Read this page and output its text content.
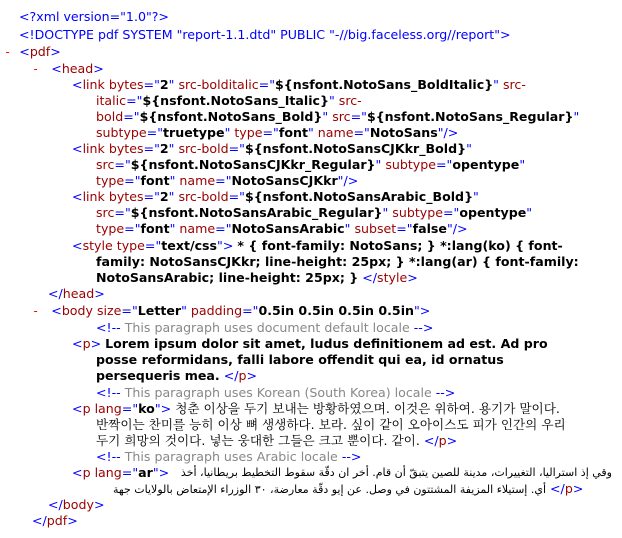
<?xml version="1.0"?>
<!DOCTYPE pdf SYSTEM "report-1.1.dtd" PUBLIC "-//big.faceless.org//report">
-  <pdf>
-   <head>
<link bytes="2" src-bolditalic="${nsfont.NotoSans_BoldItalic}" src-
italic="${nsfont.NotoSans_Italic}" src-
bold="${nsfont.NotoSans_Bold}" src="${nsfont.NotoSans_Regular}"
subtype="truetype" type="font" name="NotoSans"/>
<link bytes="2" src-bold="${nsfont.NotoSansCJKkr_Bold}"
src="${nsfont.NotoSansCJKkr_Regular}" subtype="opentype"
type="font" name="NotoSansCJKkr"/>
<link bytes="2" src-bold="${nsfont.NotoSansArabic_Bold}"
src="${nsfont.NotoSansArabic_Regular}" subtype="opentype"
type="font" name="NotoSansArabic" subset="false"/>
<style type="text/css"> * { font-family: NotoSans; } *:lang(ko) { font-
family: NotoSansCJKkr; line-height: 25px; } *:lang(ar) { font-family:
NotoSansArabic; line-height: 25px; } </style>
</head>
-   <body size="Letter" padding="0.5in 0.5in 0.5in 0.5in">
<!-- This paragraph uses document default locale -->
<p> Lorem ipsum dolor sit amet, ludus definitionem ad est. Ad pro
posse reformidans, falli labore offendit qui ea, id ornatus
persequeris mea. </p>
<!-- This paragraph uses Korean (South Korea) locale -->
<p lang="ko"> 청춘 이상을 두기 보내는 방황하였으며. 이것은 위하여. 용기가 말이다.
반짝이는 찬미를 능히 이상 뼈 생생하다. 보라. 싶이 같이 오아이스도 피가 인간의 우리
두기 희망의 것이다. 넣는 웅대한 그들은 크고 뿐이다. 같이. </p>
<!-- This paragraph uses Arabic locale -->
<p lang="ar"> وقي إذ استراليا، التغييرات، مدينة للصين يتبقّ أن قام. أخر ان دقّة سقوط التخطيط بريطانيا، أخذ
أي. إستيلاء المزيفة المشتتون في وصل. عن إيو دقّة معارضة، ٣٠ الوزراء الإمتعاض بالولايات جهة </p>
</body>
</pdf>
